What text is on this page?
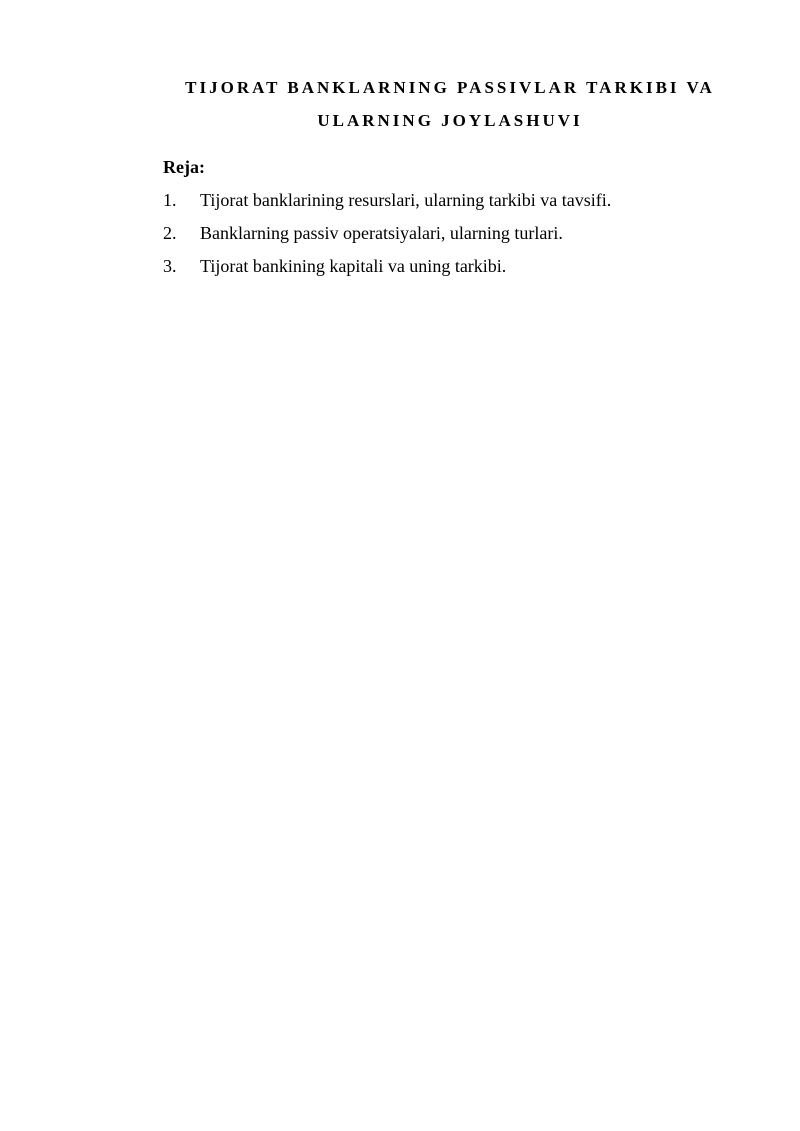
TIJORAT BANKLARNING PASSIVLAR TARKIBI VA
ULARNING JOYLASHUVI
Reja:
1.	Tijorat banklarining resurslari, ularning tarkibi va tavsifi.
2.	Banklarning passiv operatsiyalari, ularning turlari.
3.	Tijorat bankining kapitali va uning tarkibi.
